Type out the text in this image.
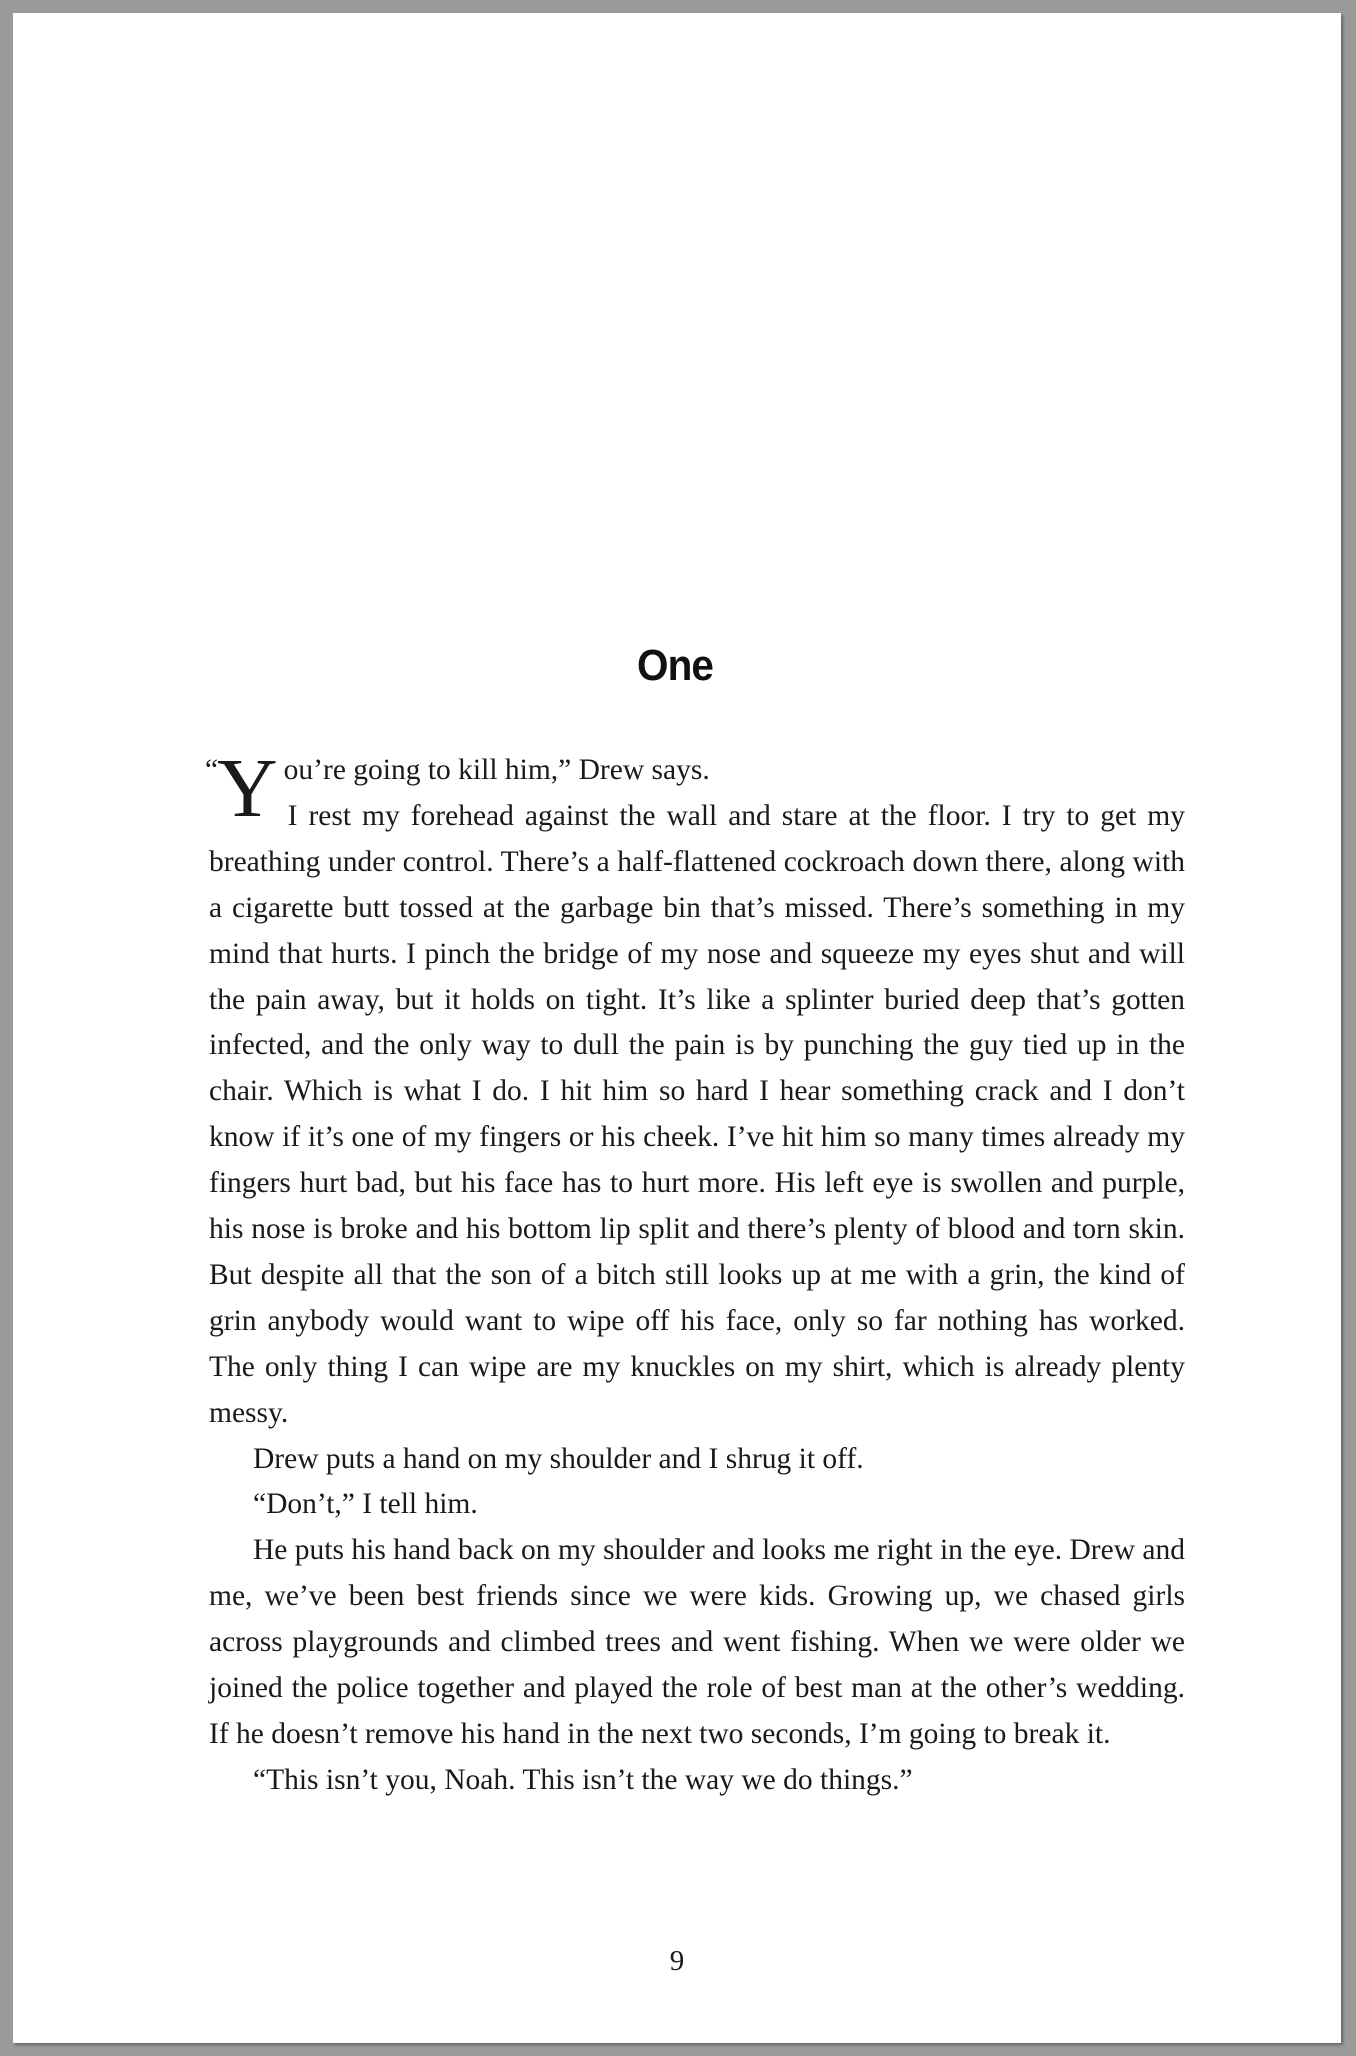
One
“
Y ou’re going to kill him,” Drew says.

I rest my forehead against the wall and stare at the floor. I try to get my breathing under control. There’s a half-flattened cockroach down there, along with a cigarette butt tossed at the garbage bin that’s missed. There’s something in my mind that hurts. I pinch the bridge of my nose and squeeze my eyes shut and will the pain away, but it holds on tight. It’s like a splinter buried deep that’s gotten infected, and the only way to dull the pain is by punching the guy tied up in the chair. Which is what I do. I hit him so hard I hear something crack and I don’t know if it’s one of my fingers or his cheek. I’ve hit him so many times already my fingers hurt bad, but his face has to hurt more. His left eye is swollen and purple, his nose is broke and his bottom lip split and there’s plenty of blood and torn skin. But despite all that the son of a bitch still looks up at me with a grin, the kind of grin anybody would want to wipe off his face, only so far nothing has worked. The only thing I can wipe are my knuckles on my shirt, which is already plenty messy.

Drew puts a hand on my shoulder and I shrug it off.

“Don’t,” I tell him.

He puts his hand back on my shoulder and looks me right in the eye. Drew and me, we’ve been best friends since we were kids. Growing up, we chased girls across playgrounds and climbed trees and went fishing. When we were older we joined the police together and played the role of best man at the other’s wedding. If he doesn’t remove his hand in the next two seconds, I’m going to break it.

“This isn’t you, Noah. This isn’t the way we do things.”

9
